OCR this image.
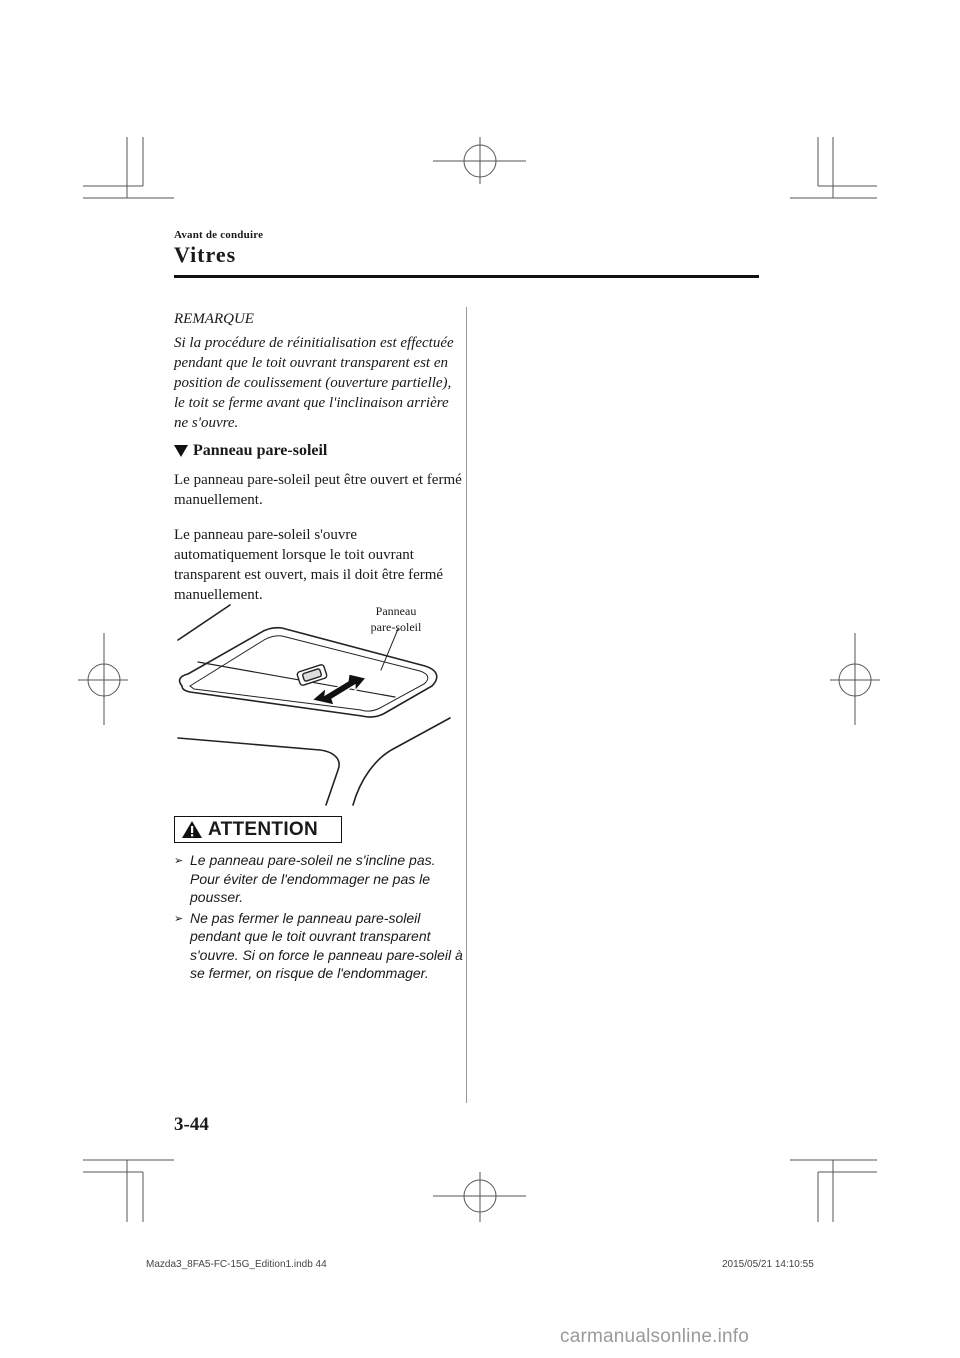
Avant de conduire
Vitres
REMARQUE
Si la procédure de réinitialisation est effectuée pendant que le toit ouvrant transparent est en position de coulissement (ouverture partielle), le toit se ferme avant que l'inclinaison arrière ne s'ouvre.
Panneau pare-soleil
Le panneau pare-soleil peut être ouvert et fermé manuellement.
Le panneau pare-soleil s'ouvre automatiquement lorsque le toit ouvrant transparent est ouvert, mais il doit être fermé manuellement.
Panneau
pare-soleil
ATTENTION
➢ Le panneau pare-soleil ne s'incline pas. Pour éviter de l'endommager ne pas le pousser.
➢ Ne pas fermer le panneau pare-soleil pendant que le toit ouvrant transparent s'ouvre. Si on force le panneau pare-soleil à se fermer, on risque de l'endommager.
3-44
Mazda3_8FA5-FC-15G_Edition1.indb 44	2015/05/21 14:10:55
carmanualsonline.info
